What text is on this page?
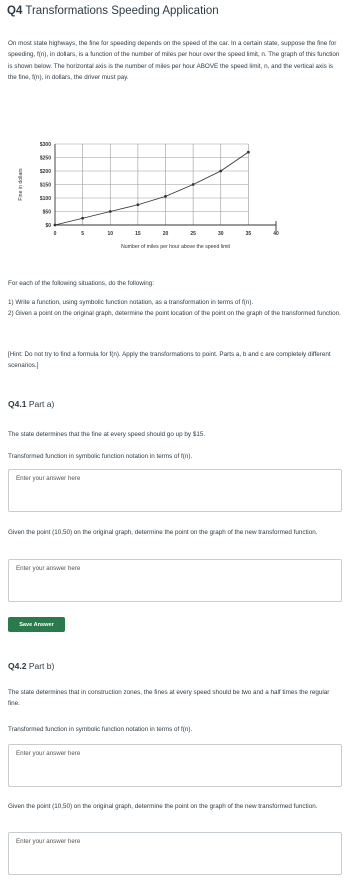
Q4 Transformations Speeding Application

On most state highways, the fine for speeding depends on the speed of the car. In a certain state, suppose the fine for speeding, f(n), in dollars, is a function of the number of miles per hour over the speed limit, n. The graph of this function is shown below. The horizontal axis is the number of miles per hour ABOVE the speed limit, n, and the vertical axis is the fine, f(n), in dollars, the driver must pay.

0	5	10	15	20	25	30	35	40
$0
$50
$100
$150
$200
$250
$300
Number of miles per hour above the speed limit
Fine in dollars

For each of the following situations, do the following:

1) Write a function, using symbolic function notation, as a transformation in terms of f(n).

2) Given a point on the original graph, determine the point location of the point on the graph of the transformed function.

[Hint: Do not try to find a formula for f(n). Apply the transformations to point. Parts a, b and c are completely different scenarios.]

Q4.1 Part a)

The state determines that the fine at every speed should go up by $15.

Transformed function in symbolic function notation in terms of f(n).

Enter your answer here

Given the point (10,50) on the original graph, determine the point on the graph of the new transformed function.

Enter your answer here
Save Answer

Q4.2 Part b)

The state determines that in construction zones, the fines at every speed should be two and a half times the regular fine.

Transformed function in symbolic function notation in terms of f(n).

Enter your answer here

Given the point (10,50) on the original graph, determine the point on the graph of the new transformed function.

Enter your answer here
